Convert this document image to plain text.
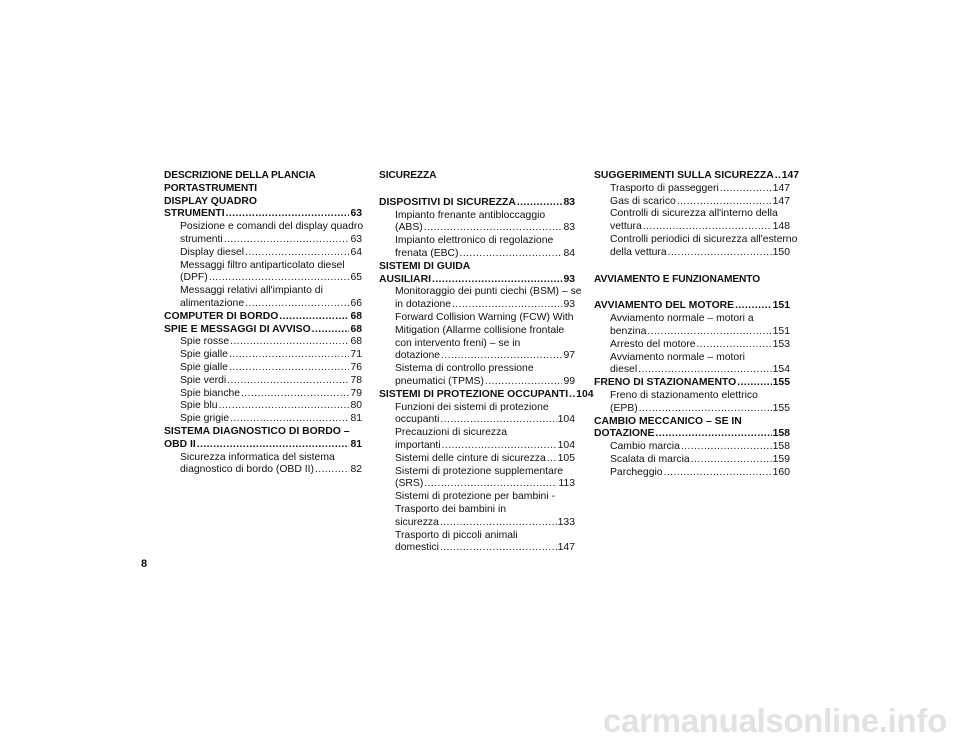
DESCRIZIONE DELLA PLANCIA
PORTASTRUMENTI
DISPLAY QUADRO
STRUMENTI .....	63
Posizione e comandi del display quadro
strumenti .....	63
Display diesel .....	64
Messaggi filtro antiparticolato diesel
(DPF) .....	65
Messaggi relativi all'impianto di
alimentazione .....	66
COMPUTER DI BORDO .....	68
SPIE E MESSAGGI DI AVVISO .....	68
Spie rosse .....	68
Spie gialle .....	71
Spie gialle .....	76
Spie verdi .....	78
Spie bianche .....	79
Spie blu .....	80
Spie grigie .....	81
SISTEMA DIAGNOSTICO DI BORDO –
OBD II .....	81
Sicurezza informatica del sistema
diagnostico di bordo (OBD II) .....	82
SICUREZZA
DISPOSITIVI DI SICUREZZA .....	83
Impianto frenante antibloccaggio
(ABS) .....	83
Impianto elettronico di regolazione
frenata (EBC) .....	84
SISTEMI DI GUIDA
AUSILIARI .....	93
Monitoraggio dei punti ciechi (BSM) – se
in dotazione .....	93
Forward Collision Warning (FCW) With
Mitigation (Allarme collisione frontale
con intervento freni) – se in
dotazione .....	97
Sistema di controllo pressione
pneumatici (TPMS) .....	99
SISTEMI DI PROTEZIONE OCCUPANTI ..... 104
Funzioni dei sistemi di protezione
occupanti .....	104
Precauzioni di sicurezza
importanti .....	104
Sistemi delle cinture di sicurezza ..... 105
Sistemi di protezione supplementare
(SRS) .....	113
Sistemi di protezione per bambini -
Trasporto dei bambini in
sicurezza .....	133
Trasporto di piccoli animali
domestici .....	147
SUGGERIMENTI SULLA SICUREZZA ..... 147
Trasporto di passeggeri .....	147
Gas di scarico .....	147
Controlli di sicurezza all'interno della
vettura .....	148
Controlli periodici di sicurezza all'esterno
della vettura .....	150
AVVIAMENTO E FUNZIONAMENTO
AVVIAMENTO DEL MOTORE .....	151
Avviamento normale – motori a
benzina .....	151
Arresto del motore .....	153
Avviamento normale – motori
diesel .....	154
FRENO DI STAZIONAMENTO .....	155
Freno di stazionamento elettrico
(EPB) .....	155
CAMBIO MECCANICO – SE IN
DOTAZIONE .....	158
Cambio marcia .....	158
Scalata di marcia .....	159
Parcheggio .....	160
8
carmanualsonline.info
